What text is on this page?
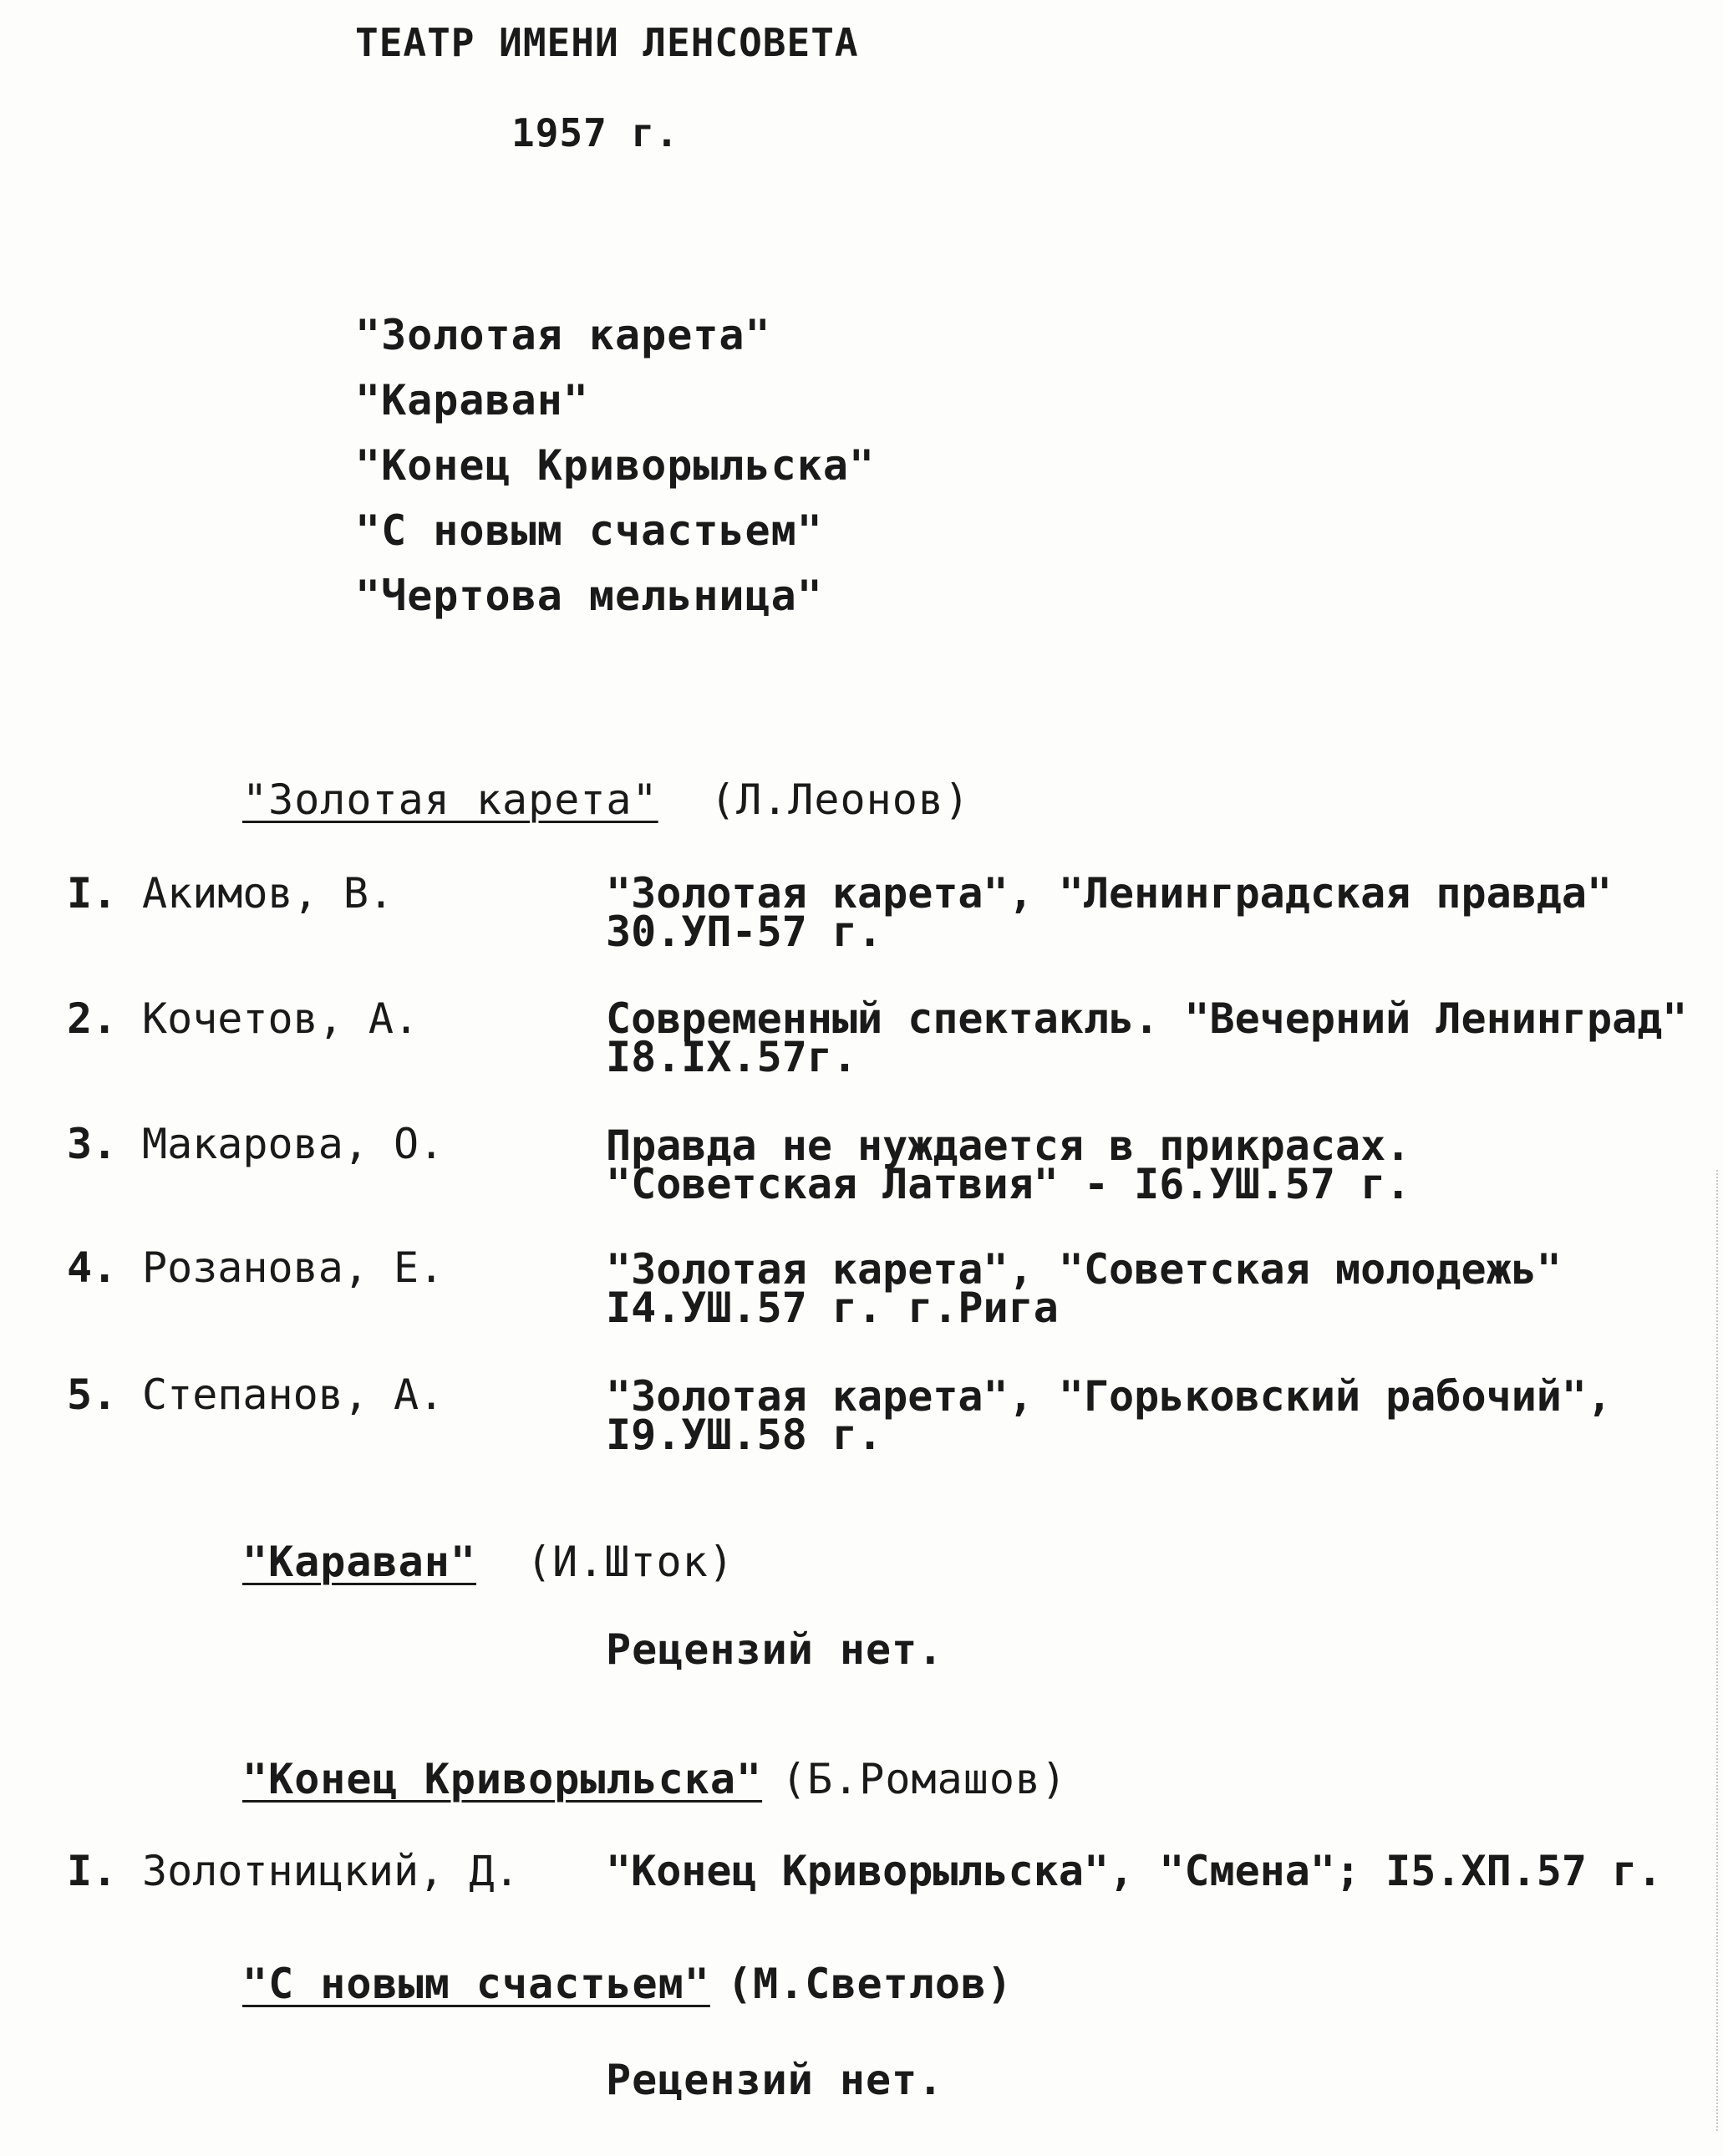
ТЕАТР ИМЕНИ ЛЕНСОВЕТА
1957 г.
"Золотая карета"
"Караван"
"Конец Криворыльска"
"С новым счастьем"
"Чертова мельница"
"Золотая карета" (Л.Леонов)
I. Акимов, В.	"Золотая карета", "Ленинградская правда"
30.УП-57 г.
2. Кочетов, А.	Современный спектакль. "Вечерний Ленинград"
I8.IX.57г.
3. Макарова, О.	Правда не нуждается в прикрасах.
"Советская Латвия" - I6.УШ.57 г.
4. Розанова, Е.	"Золотая карета", "Советская молодежь"
I4.УШ.57 г. г.Рига
5. Степанов, А.	"Золотая карета", "Горьковский рабочий",
I9.УШ.58 г.
"Караван" (И.Шток)
Рецензий нет.
"Конец Криворыльска" (Б.Ромашов)
I. Золотницкий, Д. "Конец Криворыльска", "Смена"; I5.XП.57 г.
"С новым счастьем" (М.Светлов)
Рецензий нет.
